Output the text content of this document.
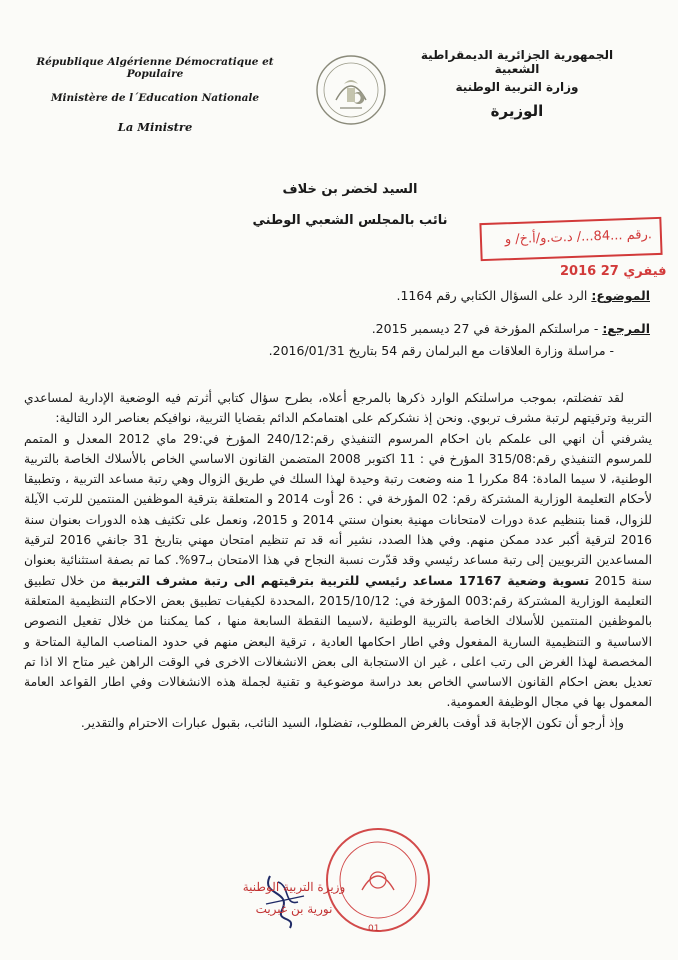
République Algérienne Démocratique et Populaire
Ministère de l´Education Nationale
La Ministre
الجمهورية الجزائرية الديمقراطية الشعبية
وزارة التربية الوطنية
الوزيرة
السيد لخضر بن خلاف
نائب بالمجلس الشعبي الوطني
رقم ...84.../ د.ت.و/أ.خ/ و.
2016 فيفري 27
الموضوع: الرد على السؤال الكتابي رقم 1164.
المرجع: - مراسلتكم المؤرخة في 27 ديسمبر 2015.
- مراسلة وزارة العلاقات مع البرلمان رقم 54 بتاريخ 2016/01/31.

لقد تفضلتم، بموجب مراسلتكم الوارد ذكرها بالمرجع أعلاه، بطرح سؤال كتابي أثرتم فيه الوضعية الإدارية لمساعدي التربية وترقيتهم لرتبة مشرف تربوي. ونحن إذ نشكركم على اهتمامكم الدائم بقضايا التربية، نوافيكم بعناصر الرد التالية:

يشرفني أن انهي الى علمكم بان احكام المرسوم التنفيذي رقم:240/12 المؤرخ في:29 ماي 2012 المعدل و المتمم للمرسوم التنفيذي رقم:315/08 المؤرخ في : 11 اكتوبر 2008 المتضمن القانون الاساسي الخاص بالأسلاك الخاصة بالتربية الوطنية، لا سيما المادة: 84 مكررا 1 منه وضعت رتبة وحيدة لهذا السلك في طريق الزوال وهي رتبة مساعد التربية ، وتطبيقا لأحكام التعليمة الوزارية المشتركة رقم: 02 المؤرخة في : 26 أوت 2014 و المتعلقة بترقية الموظفين المنتمين للرتب الآيلة للزوال، قمنا بتنظيم عدة دورات لامتحانات مهنية بعنوان سنتي 2014 و 2015، ونعمل على تكثيف هذه الدورات بعنوان سنة 2016 لترقية أكبر عدد ممكن منهم. وفي هذا الصدد، نشير أنه قد تم تنظيم امتحان مهني بتاريخ 31 جانفي 2016 لترقية المساعدين التربويين إلى رتبة مساعد رئيسي وقد قدّرت نسبة النجاح في هذا الامتحان بـ97%. كما تم بصفة استثنائية بعنوان سنة 2015 تسوية وضعية 17167 مساعد رئيسي للتربية بترقيتهم الى رتبة مشرف التربية من خلال تطبيق التعليمة الوزارية المشتركة رقم:003 المؤرخة في: 2015/10/12 ،المحددة لكيفيات تطبيق بعض الاحكام التنظيمية المتعلقة بالموظفين المنتمين للأسلاك الخاصة بالتربية الوطنية ،لاسيما النقطة السابعة منها ، كما يمكننا من خلال تفعيل النصوص الاساسية و التنظيمية السارية المفعول وفي اطار احكامها العادية ، ترقية البعض منهم في حدود المناصب المالية المتاحة و المخصصة لهذا الغرض الى رتب اعلى ، غير ان الاستجابة الى بعض الانشغالات الاخرى في الوقت الراهن غير متاح الا اذا تم تعديل بعض احكام القانون الاساسي الخاص بعد دراسة موضوعية و تقنية لجملة هذه الانشغالات وفي اطار القواعد العامة المعمول بها في مجال الوظيفة العمومية.

وإذ أرجو أن تكون الإجابة قد أوفت بالغرض المطلوب، تفضلوا، السيد النائب، بقبول عبارات الاحترام والتقدير.

وزيرة التربية الوطنية
نورية بن غبريت
01
